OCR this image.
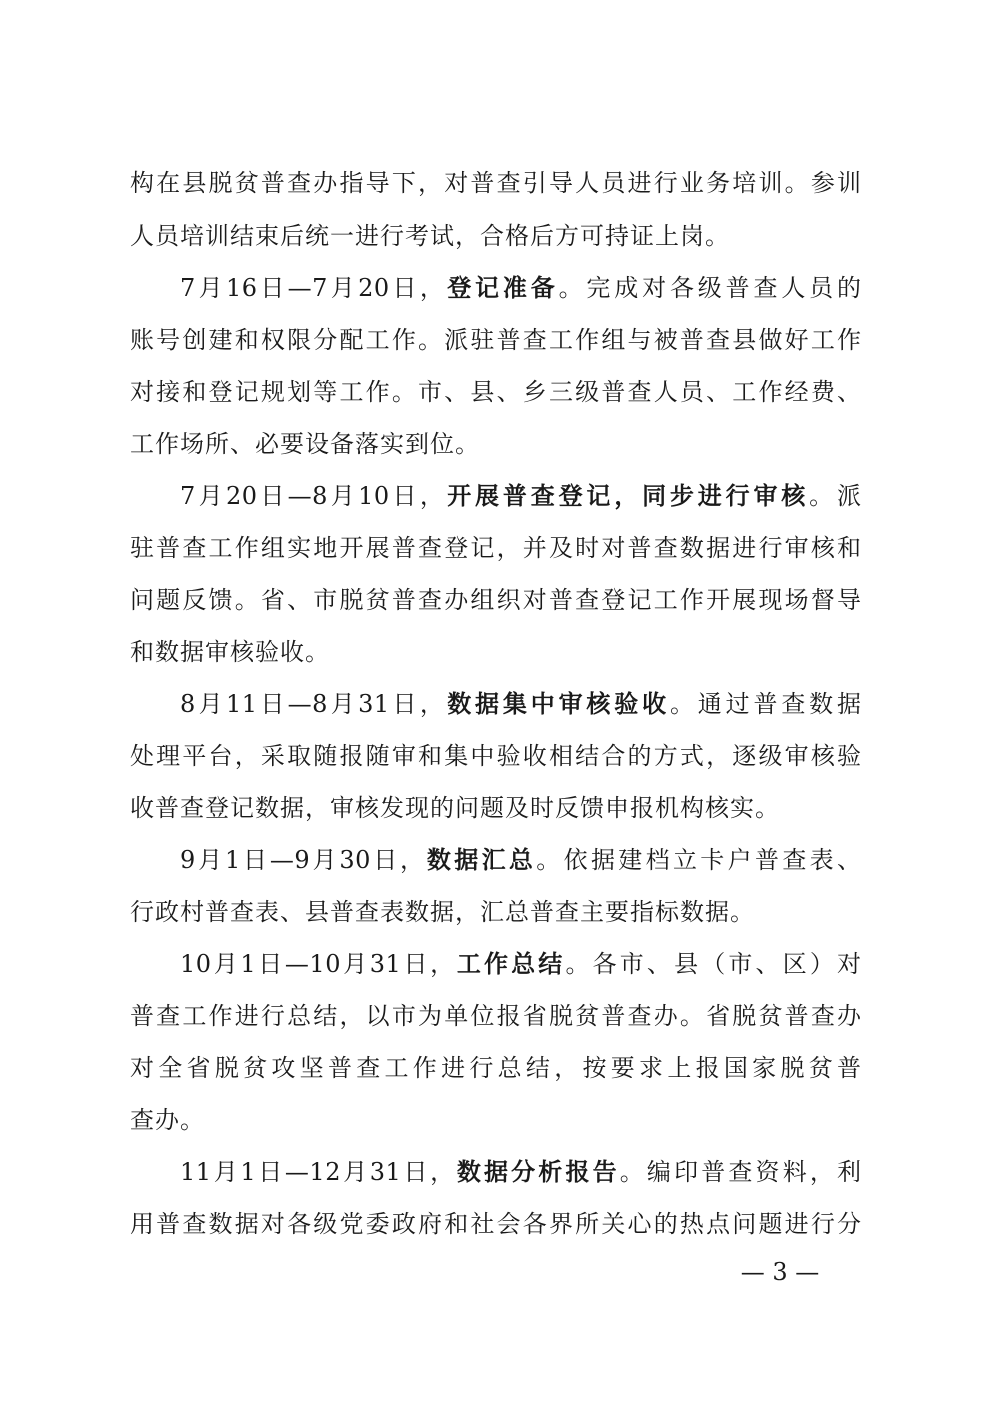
构在县脱贫普查办指导下，对普查引导人员进行业务培训。参训
人员培训结束后统一进行考试，合格后方可持证上岗。
7月16日—7月20日，登记准备。完成对各级普查人员的
账号创建和权限分配工作。派驻普查工作组与被普查县做好工作
对接和登记规划等工作。市、县、乡三级普查人员、工作经费、
工作场所、必要设备落实到位。
7月20日—8月10日，开展普查登记，同步进行审核。派
驻普查工作组实地开展普查登记，并及时对普查数据进行审核和
问题反馈。省、市脱贫普查办组织对普查登记工作开展现场督导
和数据审核验收。
8月11日—8月31日，数据集中审核验收。通过普查数据
处理平台，采取随报随审和集中验收相结合的方式，逐级审核验
收普查登记数据，审核发现的问题及时反馈申报机构核实。
9月1日—9月30日，数据汇总。依据建档立卡户普查表、
行政村普查表、县普查表数据，汇总普查主要指标数据。
10月1日—10月31日，工作总结。各市、县（市、区）对
普查工作进行总结，以市为单位报省脱贫普查办。省脱贫普查办
对全省脱贫攻坚普查工作进行总结，按要求上报国家脱贫普
查办。
11月1日—12月31日，数据分析报告。编印普查资料，利
用普查数据对各级党委政府和社会各界所关心的热点问题进行分
— 3 —
